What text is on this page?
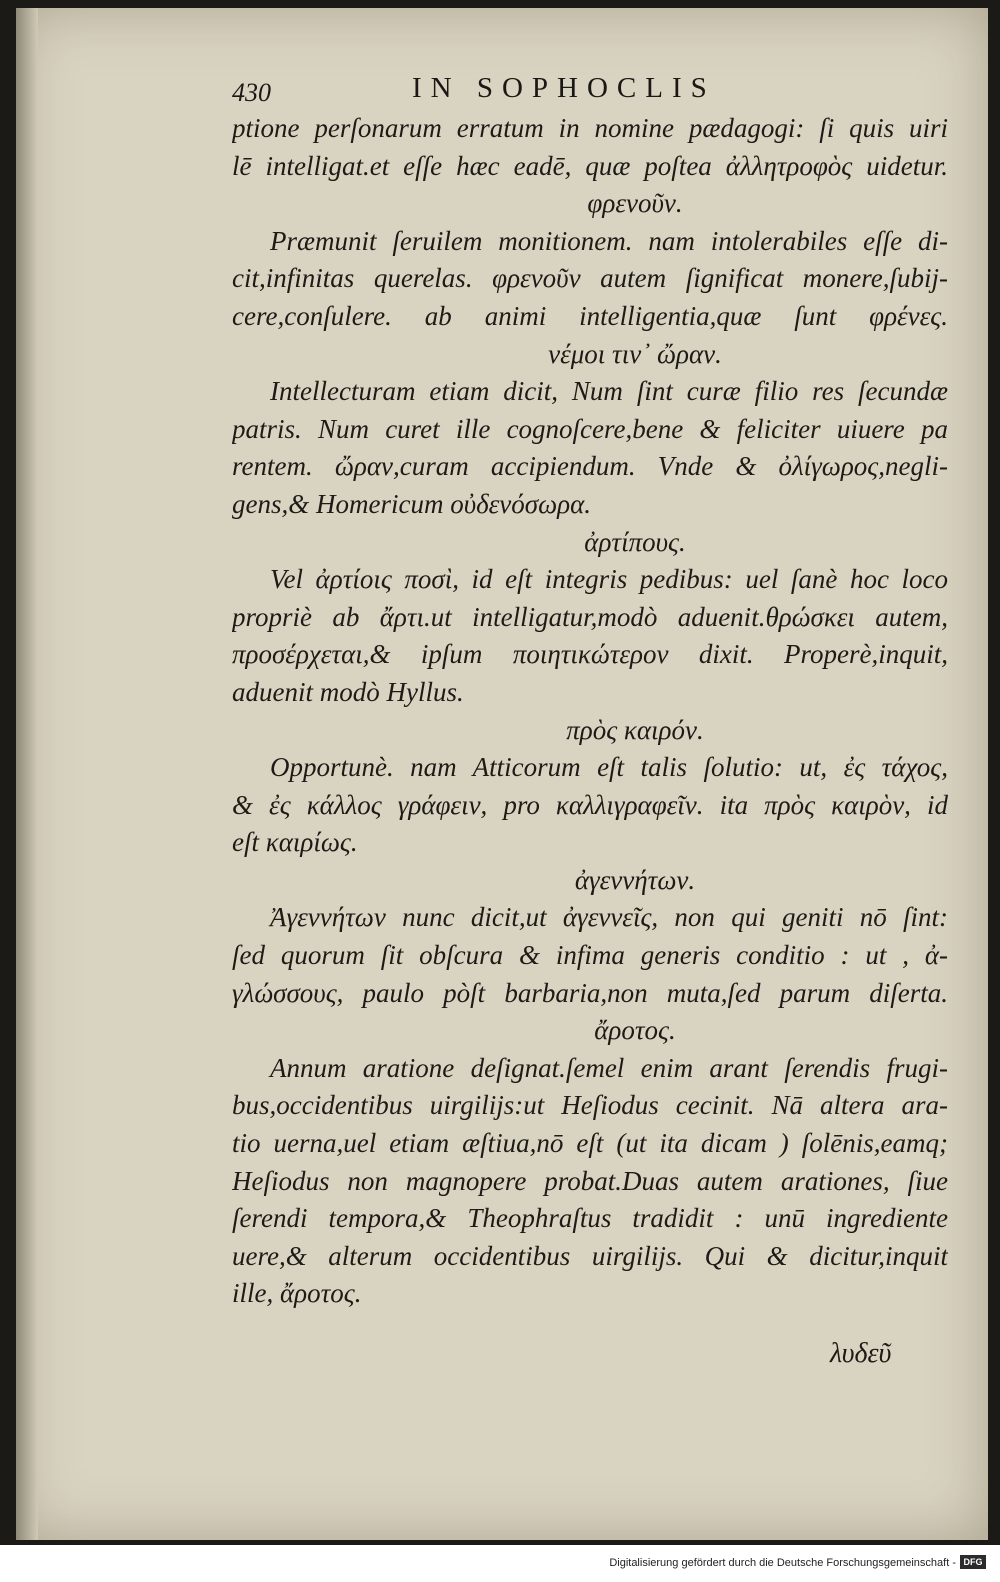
430	IN SOPHOCLIS
ptione perſonarum erratum in nomine pædagogi: ſi quis uiri
lē intelligat.et eſſe hæc eadē, quæ poſtea ἀλλητροφὸς uidetur.
φρενοῦν.
Præmunit ſeruilem monitionem. nam intolerabiles eſſe di-
cit,infinitas querelas. φρενοῦν autem ſignificat monere,ſubij-
cere,conſulere. ab animi intelligentia,quæ ſunt φρένες.
νέμοι τιν᾽ ὤραν.
Intellecturam etiam dicit, Num ſint curæ filio res ſecundæ
patris. Num curet ille cognoſcere,bene & feliciter uiuere pa
rentem. ὤραν,curam accipiendum. Vnde & ὀλίγωρος,negli-
gens,& Homericum οὐδενόσωρα.
ἀρτίπους.
Vel ἀρτίοις ποσὶ, id eſt integris pedibus: uel ſanè hoc loco
propriè ab ἄρτι.ut intelligatur,modò aduenit.θρώσκει autem,
προσέρχεται,& ipſum ποιητικώτερον dixit. Properè,inquit,
aduenit modò Hyllus.
πρὸς καιρόν.
Opportunè. nam Atticorum eſt talis ſolutio: ut, ἐς τάχος,
& ἐς κάλλος γράφειν, pro καλλιγραφεῖν. ita πρὸς καιρὸν, id
eſt καιρίως.
ἀγεννήτων.
Ἀγεννήτων nunc dicit,ut ἀγεννεῖς, non qui geniti nō ſint:
ſed quorum ſit obſcura & infima generis conditio : ut , ἀ-
γλώσσους, paulo pòſt barbaria,non muta,ſed parum diſerta.
ἄροτος.
Annum aratione deſignat.ſemel enim arant ſerendis frugi-
bus,occidentibus uirgilijs:ut Heſiodus cecinit. Nā altera ara-
tio uerna,uel etiam æſtiua,nō eſt (ut ita dicam ) ſolēnis,eamq;
Heſiodus non magnopere probat.Duas autem arationes, ſiue
ſerendi tempora,& Theophraſtus tradidit : unū ingrediente
uere,& alterum occidentibus uirgilijs. Qui & dicitur,inquit
ille, ἄροτος.
λυδεῦ
Digitalisierung gefördert durch die Deutsche Forschungsgemeinschaft - DFG
